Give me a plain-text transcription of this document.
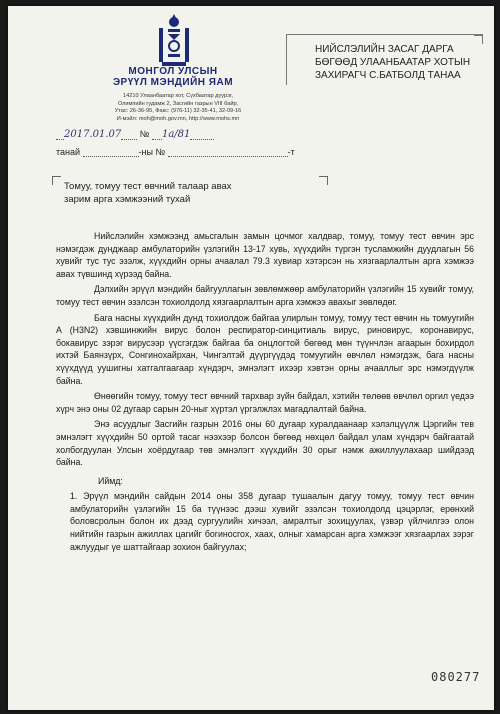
МОНГОЛ УЛСЫН
ЭРҮҮЛ МЭНДИЙН ЯАМ
14210 Улаанбаатар хот, Сүхбаатар дүүрэг,
Олимпийн гудамж 2, Засгийн газрын VIII байр,
Утас: 26-36-95, Факс: (976-11) 32-35-41, 32-09-16
И-мэйл: moh@moh.gov.mn, http://www.mohs.mn
НИЙСЛЭЛИЙН ЗАСАГ ДАРГА
БӨГӨӨД УЛААНБААТАР ХОТЫН
ЗАХИРАГЧ С.БАТБОЛД ТАНАА
2017.01.07 № 1а/81
танай	-ны №	-т
Томуу, томуу тест өвчний талаар авах
зарим арга хэмжээний тухай

Нийслэлийн хэмжээнд амьсгалын замын цочмог халдвар, томуу, томуу тест өвчин эрс нэмэгдэж дунджаар амбулаторийн үзлэгийн 13-17 хувь, хүүхдийн түргэн тусламжийн дуудлагын 56 хувийг тус тус эзэлж, хүүхдийн орны ачаалал 79.3 хувиар хэтэрсэн нь хязгаарлалтын арга хэмжээ авах түвшинд хүрээд байна.

Дэлхийн эрүүл мэндийн байгууллагын зөвлөмжөөр амбулаторийн үзлэгийн 15 хувийг томуу, томуу тест өвчин эзэлсэн тохиолдолд хязгаарлалтын арга хэмжээ авахыг зөвлөдөг.

Бага насны хүүхдийн дунд тохиолдож байгаа улирлын томуу, томуу тест өвчин нь томуугийн А (H3N2) хэвшинжийн вирус болон респиратор-синцитиаль вирус, риновирус, коронавирус, бокавирус зэрэг вирусээр үүсгэгдэж байгаа ба онцлогтой бөгөөд мөн түүнчлэн агаарын бохирдол ихтэй Баянзүрх, Сонгинохайрхан, Чингэлтэй дүүргүүдэд томуугийн өвчлөл нэмэгдэж, бага насны хүүхдүүд уушигны хатгалгаагаар хүндэрч, эмнэлэгт ихээр хэвтэн орны ачааллыг эрс нэмэгдүүлж байна.

Өнөөгийн томуу, томуу тест өвчний тархвар зүйн байдал, хэтийн төлөөв өвчлөл оргил үедээ хүрч энэ оны 02 дугаар сарын 20-ныг хүртэл үргэлжлэх магадлалтай байна.

Энэ асуудлыг Засгийн газрын 2016 оны 60 дугаар хуралдаанаар хэлэлцүүлж Цэргийн тев эмнэлэгт хүүхдийн 50 ортой тасаг нээхээр болсон бөгөөд нөхцөл байдал улам хүндэрч байгаатай холбогдуулан Улсын хоёрдугаар төв эмнэлэгт хүүхдийн 30 орыг нэмж ажиллуулахаар шийдээд байна.

Иймд:

1. Эрүүл мэндийн сайдын 2014 оны 358 дугаар тушаалын дагуу томуу, томуу тест өвчин амбулаторийн үзлэгийн 15 ба түүнээс дээш хувийг эзэлсэн тохиолдолд цэцэрлэг, ерөнхий боловсролын болон их дээд сургуулийн хичээл, амралтыг зохицуулах, үзвэр үйлчилгээ олон нийтийн газрын ажиллах цагийг богиносгох, хаах, олныг хамарсан арга хэмжээг хязгаарлах зэрэг ажлуудыг үе шаттайгаар зохион байгуулах;

080277
